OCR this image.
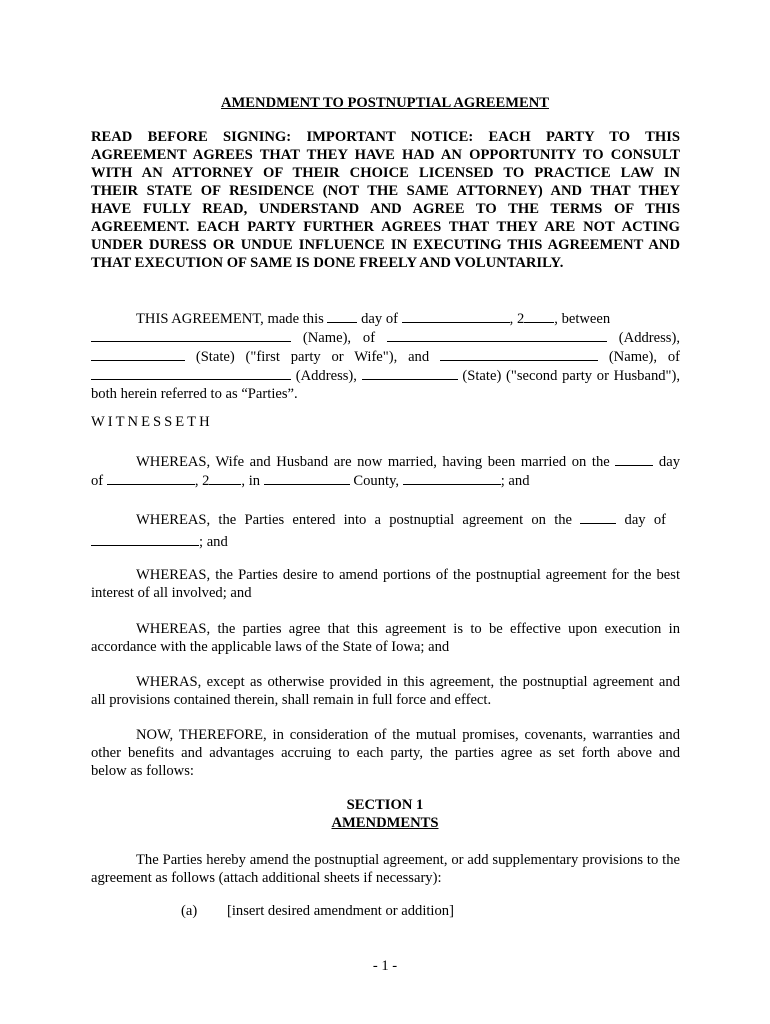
AMENDMENT TO POSTNUPTIAL AGREEMENT
READ BEFORE SIGNING: IMPORTANT NOTICE: EACH PARTY TO THIS
AGREEMENT AGREES THAT THEY HAVE HAD AN OPPORTUNITY TO CONSULT
WITH AN ATTORNEY OF THEIR CHOICE LICENSED TO PRACTICE LAW IN
THEIR STATE OF RESIDENCE (NOT THE SAME ATTORNEY) AND THAT THEY
HAVE FULLY READ, UNDERSTAND AND AGREE TO THE TERMS OF THIS
AGREEMENT. EACH PARTY FURTHER AGREES THAT THEY ARE NOT ACTING
UNDER DURESS OR UNDUE INFLUENCE IN EXECUTING THIS AGREEMENT AND
THAT EXECUTION OF SAME IS DONE FREELY AND VOLUNTARILY.
THIS AGREEMENT, made this	day of	, 2 , between
(Name), of	(Address),
(State) ("first party or Wife"), and	(Name), of
(Address),	(State) ("second party or Husband"),
both herein referred to as “Parties”.
WITNESSETH
WHEREAS, Wife and Husband are now married, having been married on the	day
of	, 2 , in	County,	; and
WHEREAS, the Parties entered into a postnuptial agreement on the	day of
; and
WHEREAS, the Parties desire to amend portions of the postnuptial agreement for the best
interest of all involved; and
WHEREAS, the parties agree that this agreement is to be effective upon execution in
accordance with the applicable laws of the State of Iowa; and
WHERAS, except as otherwise provided in this agreement, the postnuptial agreement and
all provisions contained therein, shall remain in full force and effect.
NOW, THEREFORE, in consideration of the mutual promises, covenants, warranties and
other benefits and advantages accruing to each party, the parties agree as set forth above and
below as follows:
SECTION 1
AMENDMENTS
The Parties hereby amend the postnuptial agreement, or add supplementary provisions to the
agreement as follows (attach additional sheets if necessary):
(a) [insert desired amendment or addition]
- 1 -
